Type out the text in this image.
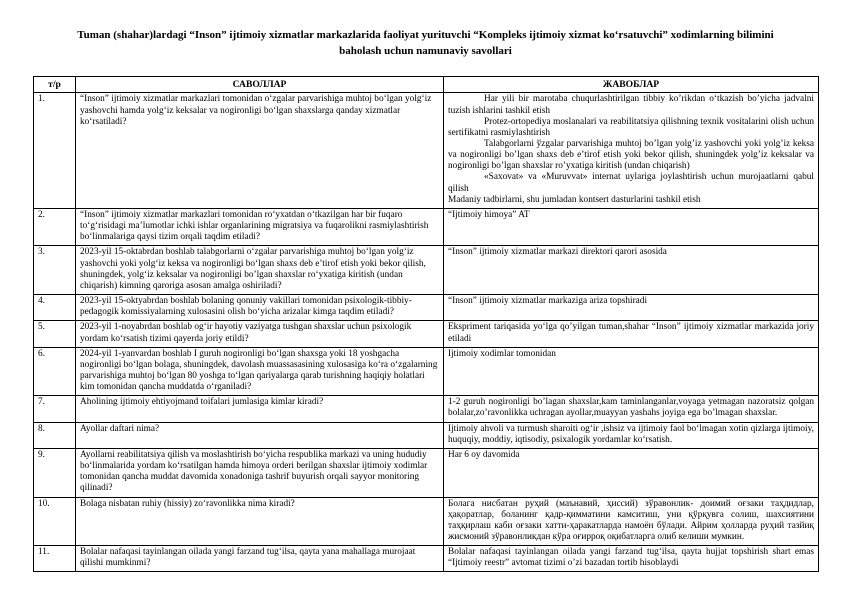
Tuman (shahar)lardagi “Inson” ijtimoiy xizmatlar markazlarida faoliyat yurituvchi “Kompleks ijtimoiy xizmat ko‘rsatuvchi” xodimlarning bilimini baholash uchun namunaviy savollari
т/р	САВОЛЛАР	ЖАВОБЛАР
1.	“Inson” ijtimoiy xizmatlar markazlari tomonidan o‘zgalar parvarishiga muhtoj bo‘lgan yolg‘iz yashovchi hamda yolg‘iz keksalar va nogironligi bo‘lgan shaxslarga qanday xizmatlar ko‘rsatiladi?	Har yili bir marotaba chuqurlashtirilgan tibbiy ko’rikdan o‘tkazish bo’yicha jadvalni tuzish ishlarini tashkil etish

Protez-ortopediya moslanalari va reabilitatsiya qilishning texnik vositalarini olish uchun sertifikatni rasmiylashtirish

Talabgorlarni ўzgalar parvarishiga muhtoj bo’lgan yolg’iz yashovchi yoki yolg’iz keksa va nogironligi bo’lgan shaxs deb e’tirof etish yoki bekor qilish, shuningdek yolg’iz keksalar va nogironligi bo’lgan shaxslar ro’yxatiga kiritish (undan chiqarish)

«Saxovat» va «Muruvvat» internat uylariga joylashtirish uchun murojaatlarni qabul qilish

Madaniy tadbirlarni, shu jumladan kontsert dasturlarini tashkil etish

2.	“Inson” ijtimoiy xizmatlar markazlari tomonidan ro‘yxatdan o‘tkazilgan har bir fuqaro to‘g‘risidagi ma’lumotlar ichki ishlar organlarining migratsiya va fuqarolikni rasmiylashtirish bo‘linmalariga qaysi tizim orqali taqdim etiladi?	“Ijtimoiy himoya” AT

3.	2023-yil 15-oktabrdan boshlab talabgorlarni o‘zgalar parvarishiga muhtoj bo‘lgan yolg‘iz yashovchi yoki yolg‘iz keksa va nogironligi bo‘lgan shaxs deb e’tirof etish yoki bekor qilish, shuningdek, yolg‘iz keksalar va nogironligi bo’lgan shaxslar ro‘yxatiga kiritish (undan chiqarish) kimning qaroriga asosan amalga oshiriladi?	“Inson” ijtimoiy xizmatlar markazi direktori qarori asosida

4.	2023-yil 15-oktyabrdan boshlab bolaning qonuniy vakillari tomonidan psixologik-tibbiy-pedagogik komissiyalarning xulosasini olish bo‘yicha arizalar kimga taqdim etiladi?	“Inson” ijtimoiy xizmatlar markaziga ariza topshiradi

5.	2023-yil 1-noyabrdan boshlab og‘ir hayotiy vaziyatga tushgan shaxslar uchun psixologik yordam ko‘rsatish tizimi qayerda joriy etildi?	Ekspriment tariqasida yo‘lga qo’yilgan tuman,shahar “Inson” ijtimoiy xizmatlar markazida joriy etiladi

6.	2024-yil 1-yanvardan boshlab I guruh nogironligi bo‘lgan shaxsga yoki 18 yoshgacha nogironligi bo‘lgan bolaga, shuningdek, davolash muassasasining xulosasiga ko‘ra o‘zgalarning parvarishiga muhtoj bo‘lgan 80 yoshga to‘lgan qariyalarga qarab turishning haqiqiy holatlari kim tomonidan qancha muddatda o‘rganiladi?	Ijtimoiy xodimlar tomonidan

7.	Aholining ijtimoiy ehtiyojmand toifalari jumlasiga kimlar kiradi?	1-2 guruh nogironligi bo’lagan shaxslar,kam taminlanganlar,voyaga yetmagan nazoratsiz qolgan bolalar,zo’ravonlikka uchragan ayollar,muayyan yashahs joyiga ega bo’lmagan shaxslar.

8.	Ayollar daftari nima?	Ijtimoiy ahvoli va turmush sharoiti og‘ir ,ishsiz va ijtimoiy faol bo‘lmagan xotin qizlarga ijtimoiy, huquqiy, moddiy, iqtisodiy, psixalogik yordamlar ko‘rsatish.

9.	Ayollarni reabilitatsiya qilish va moslashtirish bo‘yicha respublika markazi va uning hududiy bo‘linmalarida yordam ko‘rsatilgan hamda himoya orderi berilgan shaxslar ijtimoiy xodimlar tomonidan qancha muddat davomida xonadoniga tashrif buyurish orqali sayyor monitoring qilinadi?	Har 6 oy davomida

10.	Bolaga nisbatan ruhiy (hissiy) zo‘ravonlikka nima kiradi?	Болага нисбатан руҳий (маънавий, ҳиссий) зўравонлик- доимий оғзаки таҳдидлар, ҳақоратлар, боланинг қадр-қимматини камситиш, уни қўрқувга солиш, шахсиятини таҳқирлаш каби оғзаки хатти-ҳаракатларда намоён бўлади. Айрим ҳолларда руҳий тазйиқ жисмоний зўравонликдан кўра оғирроқ оқибатларга олиб келиши мумкин.

11.	Bolalar nafaqasi tayinlangan oilada yangi farzand tug‘ilsa, qayta yana mahallaga murojaat qilishi mumkinmi?	Bolalar nafaqasi tayinlangan oilada yangi farzand tug‘ilsa, qayta hujjat topshirish shart emas “Ijtimoiy reestr” avtomat tizimi o’zi bazadan tortib hisoblaydi
